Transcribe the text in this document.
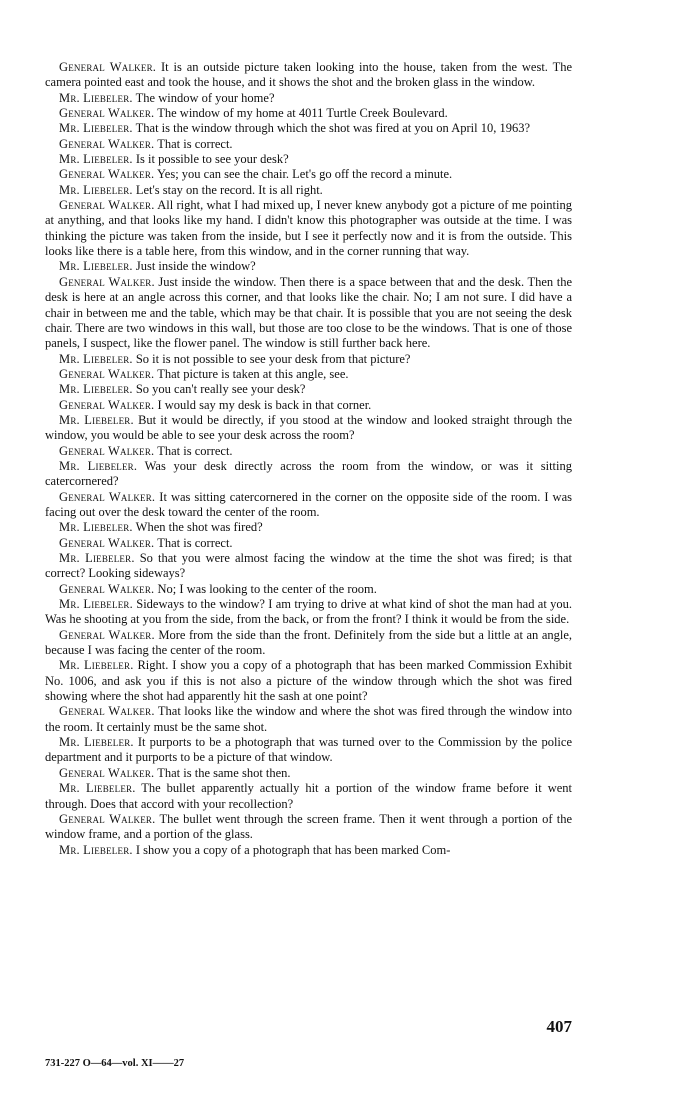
General Walker. It is an outside picture taken looking into the house, taken from the west. The camera pointed east and took the house, and it shows the shot and the broken glass in the window.

Mr. Liebeler. The window of your home?

General Walker. The window of my home at 4011 Turtle Creek Boulevard.

Mr. Liebeler. That is the window through which the shot was fired at you on April 10, 1963?

General Walker. That is correct.

Mr. Liebeler. Is it possible to see your desk?

General Walker. Yes; you can see the chair. Let's go off the record a minute.

Mr. Liebeler. Let's stay on the record. It is all right.

General Walker. All right, what I had mixed up, I never knew anybody got a picture of me pointing at anything, and that looks like my hand. I didn't know this photographer was outside at the time. I was thinking the picture was taken from the inside, but I see it perfectly now and it is from the outside. This looks like there is a table here, from this window, and in the corner running that way.

Mr. Liebeler. Just inside the window?

General Walker. Just inside the window. Then there is a space between that and the desk. Then the desk is here at an angle across this corner, and that looks like the chair. No; I am not sure. I did have a chair in between me and the table, which may be that chair. It is possible that you are not seeing the desk chair. There are two windows in this wall, but those are too close to be the windows. That is one of those panels, I suspect, like the flower panel. The window is still further back here.

Mr. Liebeler. So it is not possible to see your desk from that picture?

General Walker. That picture is taken at this angle, see.

Mr. Liebeler. So you can't really see your desk?

General Walker. I would say my desk is back in that corner.

Mr. Liebeler. But it would be directly, if you stood at the window and looked straight through the window, you would be able to see your desk across the room?

General Walker. That is correct.

Mr. Liebeler. Was your desk directly across the room from the window, or was it sitting catercornered?

General Walker. It was sitting catercornered in the corner on the opposite side of the room. I was facing out over the desk toward the center of the room.

Mr. Liebeler. When the shot was fired?

General Walker. That is correct.

Mr. Liebeler. So that you were almost facing the window at the time the shot was fired; is that correct? Looking sideways?

General Walker. No; I was looking to the center of the room.

Mr. Liebeler. Sideways to the window? I am trying to drive at what kind of shot the man had at you. Was he shooting at you from the side, from the back, or from the front? I think it would be from the side.

General Walker. More from the side than the front. Definitely from the side but a little at an angle, because I was facing the center of the room.

Mr. Liebeler. Right. I show you a copy of a photograph that has been marked Commission Exhibit No. 1006, and ask you if this is not also a picture of the window through which the shot was fired showing where the shot had apparently hit the sash at one point?

General Walker. That looks like the window and where the shot was fired through the window into the room. It certainly must be the same shot.

Mr. Liebeler. It purports to be a photograph that was turned over to the Commission by the police department and it purports to be a picture of that window.

General Walker. That is the same shot then.

Mr. Liebeler. The bullet apparently actually hit a portion of the window frame before it went through. Does that accord with your recollection?

General Walker. The bullet went through the screen frame. Then it went through a portion of the window frame, and a portion of the glass.

Mr. Liebeler. I show you a copy of a photograph that has been marked Com-

407
731-227 O—64—vol. XI——27
